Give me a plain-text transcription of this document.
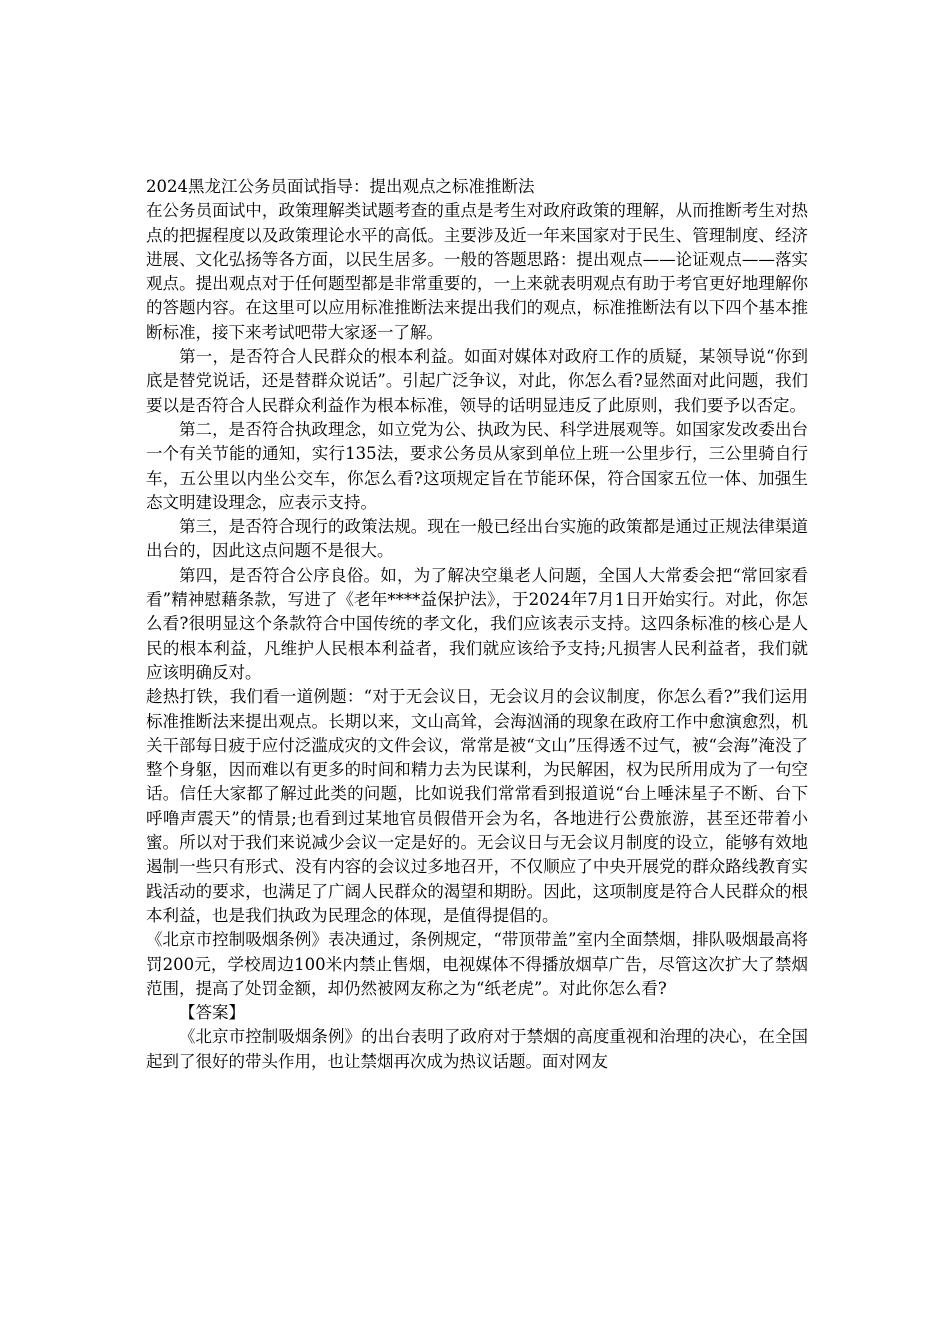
2024黑龙江公务员面试指导：提出观点之标准推断法

在公务员面试中，政策理解类试题考查的重点是考生对政府政策的理解，从而推断考生对热点的把握程度以及政策理论水平的高低。主要涉及近一年来国家对于民生、管理制度、经济进展、文化弘扬等各方面，以民生居多。一般的答题思路：提出观点——论证观点——落实观点。提出观点对于任何题型都是非常重要的，一上来就表明观点有助于考官更好地理解你的答题内容。在这里可以应用标准推断法来提出我们的观点，标准推断法有以下四个基本推断标准，接下来考试吧带大家逐一了解。

第一，是否符合人民群众的根本利益。如面对媒体对政府工作的质疑，某领导说“你到底是替党说话，还是替群众说话”。引起广泛争议，对此，你怎么看?显然面对此问题，我们要以是否符合人民群众利益作为根本标准，领导的话明显违反了此原则，我们要予以否定。

第二，是否符合执政理念，如立党为公、执政为民、科学进展观等。如国家发改委出台一个有关节能的通知，实行135法，要求公务员从家到单位上班一公里步行，三公里骑自行车，五公里以内坐公交车，你怎么看?这项规定旨在节能环保，符合国家五位一体、加强生态文明建设理念，应表示支持。

第三，是否符合现行的政策法规。现在一般已经出台实施的政策都是通过正规法律渠道出台的，因此这点问题不是很大。

第四，是否符合公序良俗。如，为了解决空巢老人问题，全国人大常委会把“常回家看看”精神慰藉条款，写进了《老年****益保护法》，于2024年7月1日开始实行。对此，你怎么看?很明显这个条款符合中国传统的孝文化，我们应该表示支持。这四条标准的核心是人民的根本利益，凡维护人民根本利益者，我们就应该给予支持;凡损害人民利益者，我们就应该明确反对。

趁热打铁，我们看一道例题：“对于无会议日，无会议月的会议制度，你怎么看?”我们运用标准推断法来提出观点。长期以来，文山高耸，会海汹涌的现象在政府工作中愈演愈烈，机关干部每日疲于应付泛滥成灾的文件会议，常常是被“文山”压得透不过气，被“会海”淹没了整个身躯，因而难以有更多的时间和精力去为民谋利，为民解困，权为民所用成为了一句空话。信任大家都了解过此类的问题，比如说我们常常看到报道说“台上唾沫星子不断、台下呼噜声震天”的情景;也看到过某地官员假借开会为名，各地进行公费旅游，甚至还带着小蜜。所以对于我们来说减少会议一定是好的。无会议日与无会议月制度的设立，能够有效地遏制一些只有形式、没有内容的会议过多地召开，不仅顺应了中央开展党的群众路线教育实践活动的要求，也满足了广阔人民群众的渴望和期盼。因此，这项制度是符合人民群众的根本利益，也是我们执政为民理念的体现，是值得提倡的。

《北京市控制吸烟条例》表决通过，条例规定，“带顶带盖”室内全面禁烟，排队吸烟最高将罚200元，学校周边100米内禁止售烟，电视媒体不得播放烟草广告，尽管这次扩大了禁烟范围，提高了处罚金额，却仍然被网友称之为“纸老虎”。对此你怎么看?

【答案】

《北京市控制吸烟条例》的出台表明了政府对于禁烟的高度重视和治理的决心，在全国起到了很好的带头作用，也让禁烟再次成为热议话题。面对网友
